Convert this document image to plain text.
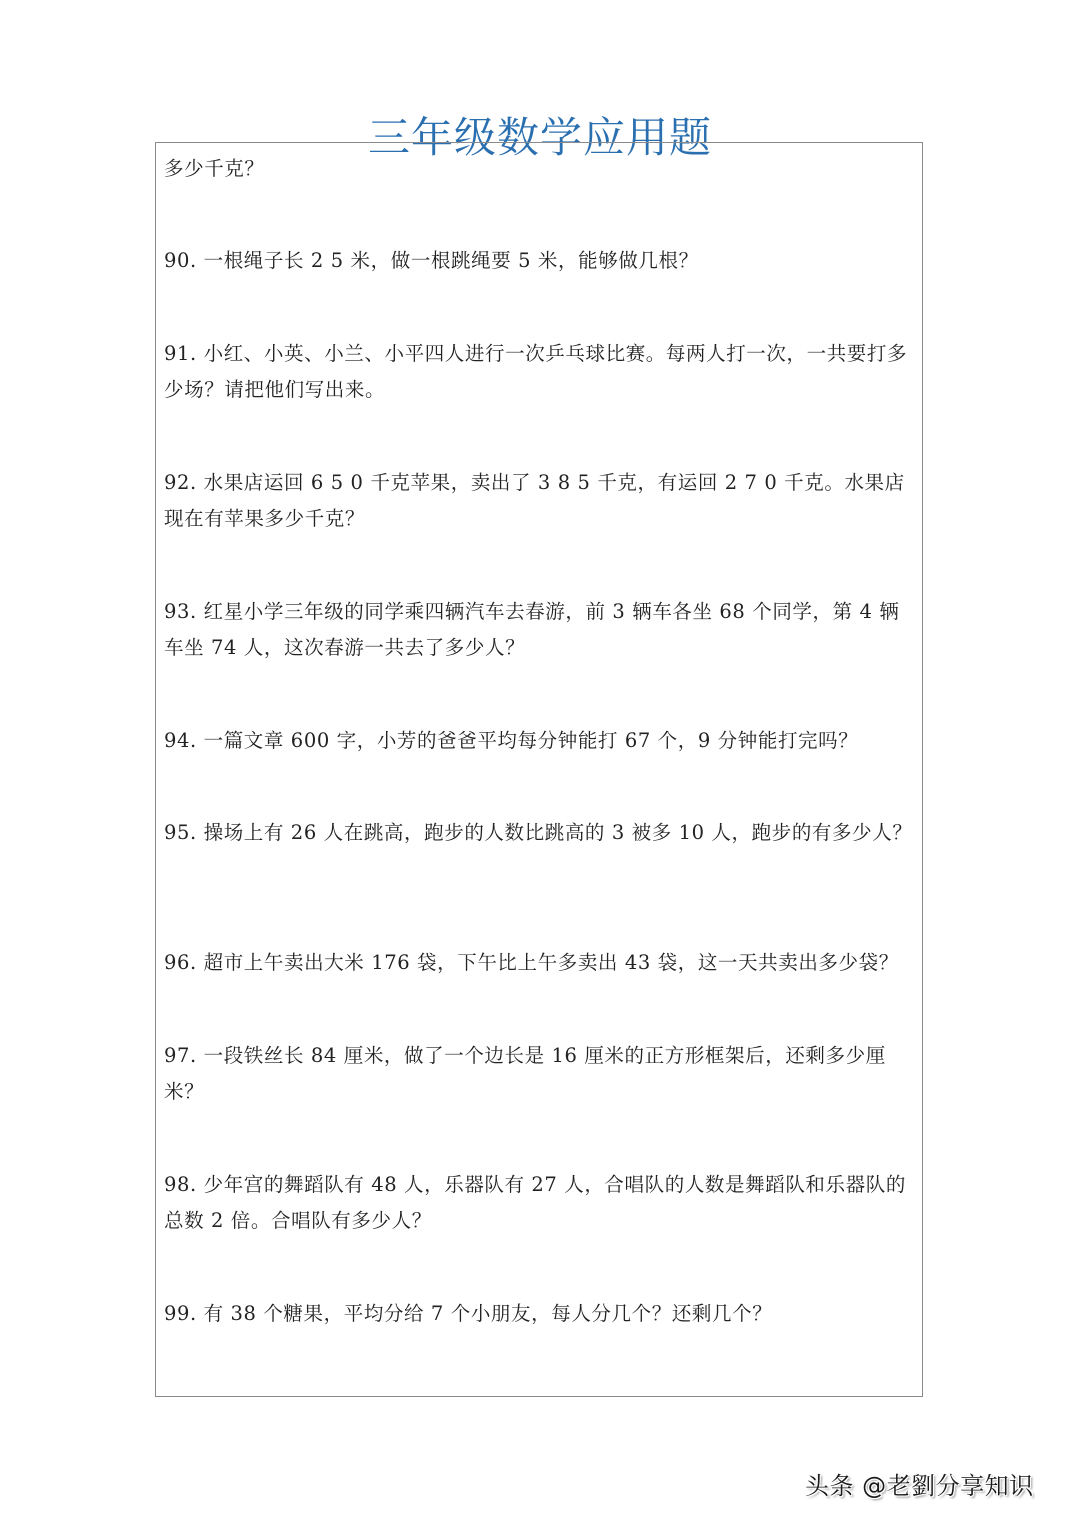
三年级数学应用题

多少千克？

90. 一根绳子长 2 5 米，做一根跳绳要 5 米，能够做几根？

91. 小红、小英、小兰、小平四人进行一次乒乓球比赛。每两人打一次，一共要打多少场？请把他们写出来。

92. 水果店运回 6 5 0 千克苹果，卖出了 3 8 5 千克，有运回 2 7 0 千克。水果店现在有苹果多少千克？

93. 红星小学三年级的同学乘四辆汽车去春游，前 3 辆车各坐 68 个同学，第 4 辆车坐 74 人，这次春游一共去了多少人？

94. 一篇文章 600 字，小芳的爸爸平均每分钟能打 67 个，9 分钟能打完吗？

95. 操场上有 26 人在跳高，跑步的人数比跳高的 3 被多 10 人，跑步的有多少人？

96. 超市上午卖出大米 176 袋，下午比上午多卖出 43 袋，这一天共卖出多少袋？

97. 一段铁丝长 84 厘米，做了一个边长是 16 厘米的正方形框架后，还剩多少厘米？

98. 少年宫的舞蹈队有 48 人，乐器队有 27 人，合唱队的人数是舞蹈队和乐器队的总数 2 倍。合唱队有多少人？

99. 有 38 个糖果，平均分给 7 个小朋友，每人分几个？还剩几个？

头条 @老劉分享知识
